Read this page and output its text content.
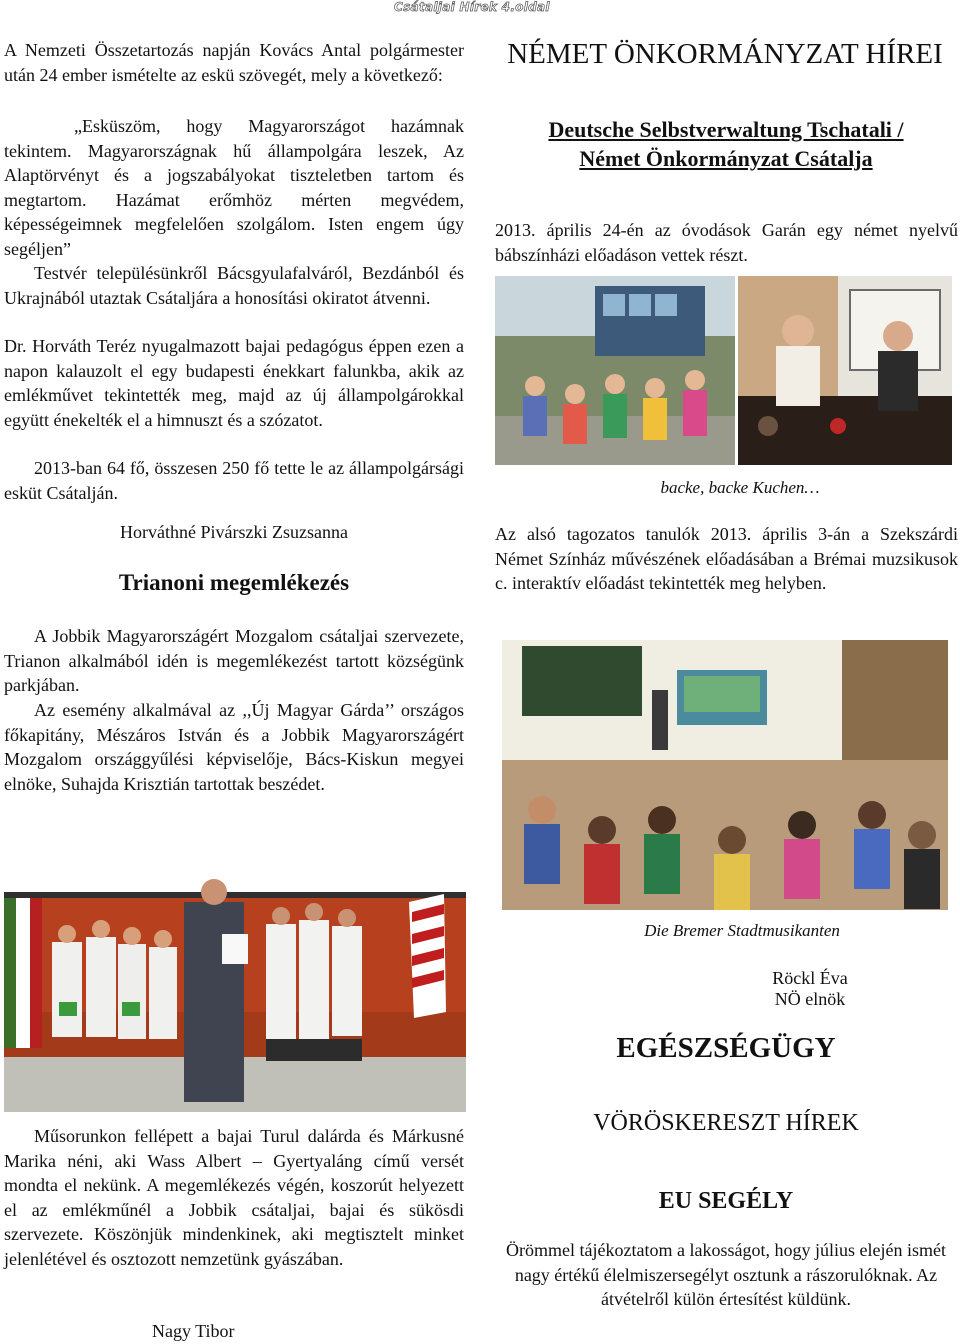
Csátaljai Hírek 4.oldal
A Nemzeti Összetartozás napján Kovács Antal polgármester után 24 ember ismételte az eskü szövegét, mely a következő:
„Esküszöm, hogy Magyarországot hazámnak tekintem. Magyarországnak hű állampolgára leszek, Az Alaptörvényt és a jogszabályokat tiszteletben tartom és megtartom. Hazámat erőmhöz mérten megvédem, képességeimnek megfelelően szolgálom. Isten engem úgy segéljen”
Testvér településünkről Bácsgyulafalváról, Bezdánból és Ukrajnából utaztak Csátaljára a honosítási okiratot átvenni.
Dr. Horváth Teréz nyugalmazott bajai pedagógus éppen ezen a napon kalauzolt el egy budapesti énekkart falunkba, akik az emlékművet tekintették meg, majd az új állampolgárokkal együtt énekelték el a himnuszt és a szózatot.
2013-ban 64 fő, összesen 250 fő tette le az állampolgársági esküt Csátalján.
Horváthné Pivárszki Zsuzsanna
Trianoni megemlékezés
A Jobbik Magyarországért Mozgalom csátaljai szervezete, Trianon alkalmából idén is megemlékezést tartott községünk parkjában.
Az esemény alkalmával az ,,Új Magyar Gárda’’ országos főkapitány, Mészáros István és a Jobbik Magyarországért Mozgalom országgyűlési képviselője, Bács-Kiskun megyei elnöke, Suhajda Krisztián tartottak beszédet.
Műsorunkon fellépett a bajai Turul dalárda és Márkusné Marika néni, aki Wass Albert – Gyertyaláng című versét mondta el nekünk. A megemlékezés végén, koszorút helyezett el az emlékműnél a Jobbik csátaljai, bajai és sükösdi szervezete. Köszönjük mindenkinek, aki megtisztelt minket jelenlétével és osztozott nemzetünk gyászában.
Nagy Tibor
NÉMET ÖNKORMÁNYZAT HÍREI
Deutsche Selbstverwaltung Tschatali /
Német Önkormányzat Csátalja
2013. április 24-én az óvodások Garán egy német nyelvű bábszínházi előadáson vettek részt.
backe, backe Kuchen…
Az alsó tagozatos tanulók 2013. április 3-án a Szekszárdi Német Színház művészének előadásában a Brémai muzsikusok c. interaktív előadást tekintették meg helyben.
Die Bremer Stadtmusikanten
Röckl Éva
NÖ elnök
EGÉSZSÉGÜGY
VÖRÖSKERESZT HÍREK
EU SEGÉLY
Örömmel tájékoztatom a lakosságot, hogy július elején ismét nagy értékű élelmiszersegélyt osztunk a rászorulóknak. Az átvételről külön értesítést küldünk.
